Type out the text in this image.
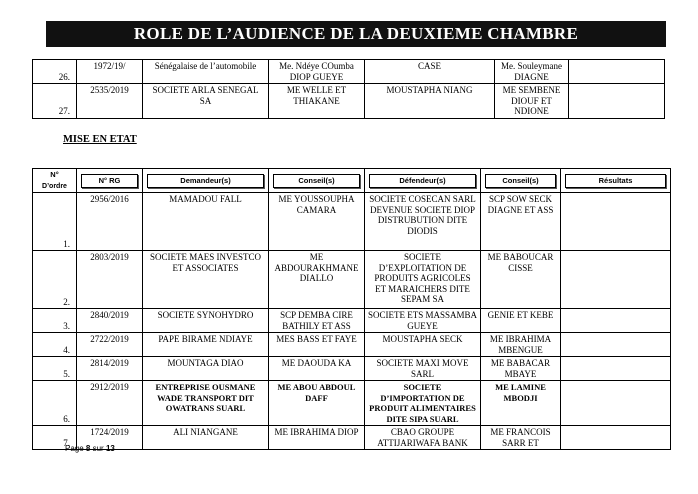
ROLE DE L’AUDIENCE DE LA DEUXIEME CHAMBRE
26.	1972/19/	Sénégalaise de l’automobile	Me. Ndéye COumba DIOP GUEYE	CASE	Me. Souleymane DIAGNE	
27.	2535/2019	SOCIETE ARLA SENEGAL SA	ME WELLE ET THIAKANE	MOUSTAPHA NIANG	ME SEMBENE DIOUF ET NDIONE	
MISE EN ETAT
N°
D’ordre	N° RG	Demandeur(s)	Conseil(s)	Défendeur(s)	Conseil(s)	Résultats

1.	2956/2016	MAMADOU FALL	ME YOUSSOUPHA CAMARA	SOCIETE COSECAN SARL DEVENUE SOCIETE DIOP DISTRUBUTION DITE DIODIS	SCP SOW SECK DIAGNE ET ASS	
2.	2803/2019	SOCIETE MAES INVESTCO ET ASSOCIATES	ME ABDOURAKHMANE DIALLO	SOCIETE D’EXPLOITATION DE PRODUITS AGRICOLES ET MARAICHERS DITE SEPAM SA	ME BABOUCAR CISSE	
3.	2840/2019	SOCIETE SYNOHYDRO	SCP DEMBA CIRE BATHILY ET ASS	SOCIETE ETS MASSAMBA GUEYE	GENIE ET KEBE	
4.	2722/2019	PAPE BIRAME NDIAYE	MES BASS ET FAYE	MOUSTAPHA SECK	ME IBRAHIMA MBENGUE	
5.	2814/2019	MOUNTAGA DIAO	ME DAOUDA KA	SOCIETE MAXI MOVE SARL	ME BABACAR MBAYE	
6.	2912/2019	ENTREPRISE OUSMANE WADE TRANSPORT DIT OWATRANS SUARL	ME ABOU ABDOUL DAFF	SOCIETE D’IMPORTATION DE PRODUIT ALIMENTAIRES DITE SIPA SUARL	ME LAMINE MBODJI	
7.	1724/2019	ALI NIANGANE	ME IBRAHIMA DIOP	CBAO GROUPE ATTIJARIWAFA BANK	ME FRANCOIS SARR ET	
Page 8 sur 13
